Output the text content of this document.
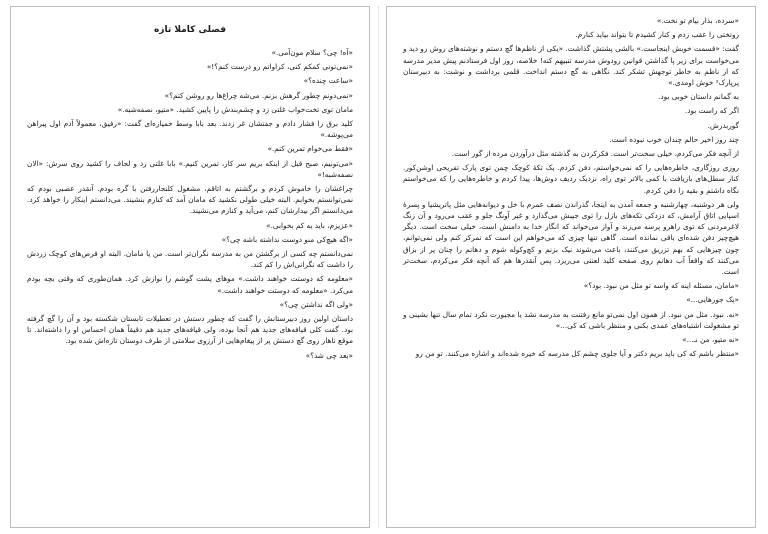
فصلی کاملا تازه

«آه! چی؟ سلام مون‌آمی.»

«نمی‌تونی کمکم کنی، کراواتم رو درست کنم؟!»

«ساعت چنده؟»

«نمی‌دونم چطور گرهش بزنم. می‌شه چراغ‌ها رو روشن کنم؟»

مامان توی تخت‌خواب غلتی زد و چشم‌بندش را پایین کشید. «متیو، نصفه‌شبه.»

کلید برق را فشار دادم و جفتشان غر زدند. بعد بابا وسط خمیازه‌ای گفت: «رفیق، معمولاً آدم اول پیراهن می‌پوشه.»

«فقط می‌خوام تمرین کنم.»

«می‌تونیم، صبح قبل از اینکه بریم سر کار، تمرین کنیم.» بابا غلتی زد و لحاف را کشید روی سرش: «الان نصفه‌شبه!»

چراغشان را خاموش کردم و برگشتم به اتاقم، مشغول کلنجاررفتن با گره بودم. آنقدر عصبی بودم که نمی‌توانستم بخوابم. البته خیلی طولی نکشید که مامان آمد که کنارم بنشیند. می‌دانستم اینکار را خواهد کرد. می‌دانستم اگر بیدارشان کنم، می‌آید و کنارم می‌نشیند.

«عزیزم، باید یه کم بخوابی.»

«اگه هیچ‌کی منو دوست نداشته باشه چی؟»

نمی‌دانستم چه کسی از برگشتن من به مدرسه نگران‌تر است. من یا مامان. البته او قرص‌های کوچک زردش را داشت که نگرانی‌اش را کم کند.

«معلومه که دوستت خواهند داشت.» موهای پشت گوشم را نوازش کرد. همان‌طوری که وقتی بچه بودم می‌کرد. «معلومه که دوستت خواهند داشت.»

«ولی اگه نداشتن چی؟»

داستان اولین روز دبیرستانش را گفت که چطور دستش در تعطیلات تابستان شکسته بود و آن را گچ گرفته بود. گفت کلی قیافه‌های جدید هم آنجا بوده، ولی قیافه‌های جدید هم دقیقاً همان احساس او را داشته‌اند. تا موقع ناهار روی گچ دستش پر از پیغام‌هایی از آرزوی سلامتی از طرف دوستان تازه‌اش شده بود.

«بعد چی شد؟»

«سرده، بذار بیام تو تخت.»

روتختی را عقب زدم و کنار کشیدم تا بتواند بیاید کنارم.

گفت: «قسمت خوبش اینجاست.» بالشی پشتش گذاشت. «یکی از ناظم‌ها گچ دستم و نوشته‌های روش رو دید و می‌خواست برای زیر پا گذاشتن قوانین رودوش مدرسه تنبیهم کنه! خلاصه، روز اول فرستادنم پیش مدیر مدرسه که از ناظم به خاطر توجهش تشکر کند. نگاهی به گچ دستم انداخت. قلمی برداشت و نوشت: به دبیرستان پرپارک² خوش اومدی.»

به گمانم داستان خوبی بود.

اگر که راست بود.

گوربدرش.

چند روز اخیر حالم چندان خوب نبوده است.

از آنچه فکر می‌کردم، خیلی سخت‌تر است. فکرکردن به گذشته مثل درآوردن مرده از گور است.

روزی روزگاری، خاطره‌هایی را که نمی‌خواستم، دفن کردم. یک تکهٔ کوچک چمن توی پارک تفریحی اوشن‌کور. کنار سطل‌های بازیافت با کمی بالاتر توی راه، نزدیک ردیف دوش‌ها، پیدا کردم و خاطره‌هایی را که می‌خواستم نگاه داشتم و بقیه را دفن کردم.

ولی هر دوشنبه، چهارشنبه و جمعه آمدن به اینجا، گذراندن نصف عمرم با خل و دیوانه‌هایی مثل پاتریشیا و پسرهٔ اسپایی اتاق آرامش، که دزدکی تکه‌های بازل را توی جیبش می‌گذارد و غیر آونگ جلو و عقب می‌رود و آن زنگ لاغرمردنی که توی راهرو پرسه می‌زند و آواز می‌خواند که انگار خدا به دامنش است، خیلی سخت است. دیگر هیچ‌چیز دفن شده‌ای باقی نمانده است. گاهی تنها چیزی که می‌خواهم این است که تمرکز کنم ولی نمی‌توانم، چون چیزهایی که بهم تزریق می‌کنند، باعث می‌شوند نیک بزنم و کچ‌وکوله شوم و دهانم را چنان پر از بزاق می‌کنند که واقعاً آب دهانم روی صفحه کلید لعنتی می‌ریزد. پس آنقدرها هم که آنچه فکر می‌کردم، سخت‌تر است.

«مامان، مسئله اینه که واسه تو مثل من نبود. بود؟»

«یک جورهایی...»

«نه. نبود. مثل من نبود. از همون اول نمی‌تو مانع رفتنت به مدرسه نشد یا مجبورت نکرد تمام سال تنها بشینی و تو مشغولت اشتباه‌های عمدی بکنی و منتظر باشی که کی...»

«نه متیو، من نـ...»

«منتظر باشم که کی باید بریم دکتر و آیا جلوی چشم کل مدرسه که خیره شده‌اند و اشاره می‌کنند. تو من رو
